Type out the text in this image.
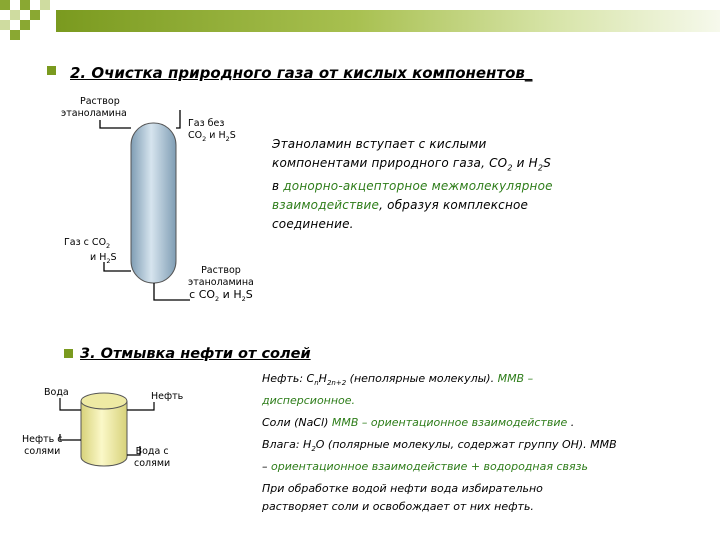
2. Очистка природного газа от кислых компонентов_
Раствор
этаноламина
Газ без
$CO_2$ и $H_2S$
Газ с $CO_2$
и $H_2S$
Раствор
этаноламина
с $CO_2$ и $H_2S$
Этаноламин вступает с кислыми
компонентами природного газа, $CO_2$ и $H_2S$
в донорно-акцепторное межмолекулярное
взаимодействие, образуя комплексное
соединение.
3. Отмывка нефти от солей
Вода	Нефть
Нефть с
солями	Вода с
солями

Нефть: $C_nH_{2n+2}$ (неполярные молекулы). ММВ –
дисперсионное.

Соли (NaCl) ММВ – ориентационное взаимодействие .

Влага: $H_2O$ (полярные молекулы, содержат группу OH). ММВ
– ориентационное взаимодействие + водородная связь

При обработке водой нефти вода избирательно
растворяет соли и освобождает от них нефть.
